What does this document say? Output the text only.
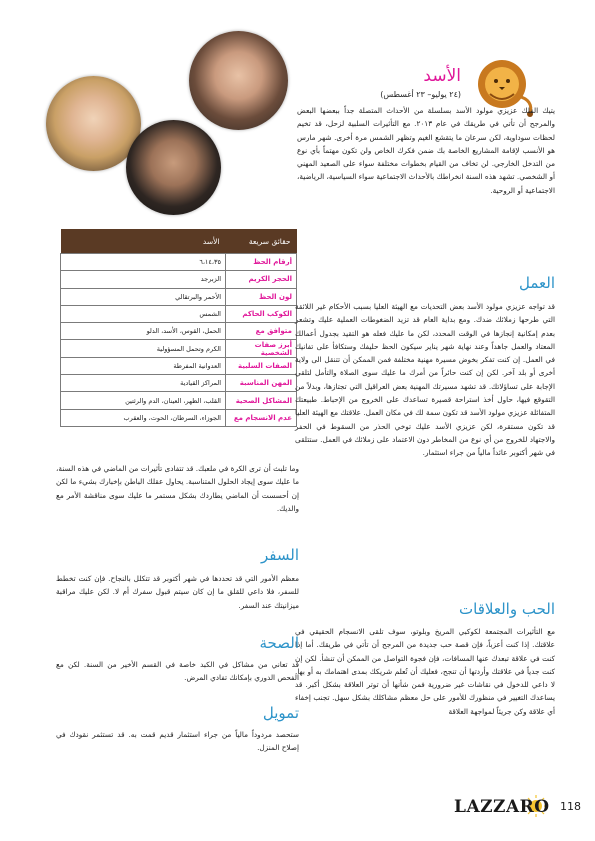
الأسد
(٢٤ يوليو– ٢٣ أغسطس)
يتيك الفلك عزيزي مولود الأسد بسلسلة من الأحداث المتصلة جداً ببعضها البعض والمرجح أن تأتي في طريقك في عام ٢٠١٣. مع التأثيرات السلبية لزحل، قد تخيم لحظات سوداوية، لكن سرعان ما يتقشع الغيم وتظهر الشمس مرة أخرى. شهر مارس هو الأنسب لإقامة المشاريع الخاصة بك ضمن فكرك الخاص ولن تكون مهتماً بأي نوع من التدخل الخارجي. لن تخاف من القيام بخطوات مختلفة سواء على الصعيد المهني أو الشخصي. تشهد هذه السنة انخراطك بالأحداث الاجتماعية سواء السياسية، الرياضية، الاجتماعية أو الروحية.
حقائق سريعة	الأسد
أرقام الحظ	٦،١٤،٣٥
الحجر الكريم	الزبرجد
لون الحظ	الأحمر والبرتقالي
الكوكب الحاكم	الشمس
متوافق مع	الحمل، القوس، الأسد، الدلو
أبرز صفات الشخصية	الكرم وتحمل المسؤولية
الصفات السلبية	العدوانية المفرطة
المهن المناسبة	المراكز القيادية
المشاكل الصحية	القلب، الظهر، العينان، الدم والرئتين
عدم الانسجام مع	الجوزاء، السرطان، الحوت، والعقرب
العمل
قد تواجه عزيزي مولود الأسد بعض التحديات مع الهيئة العليا بسبب الأحكام غير اللائقة التي طرحها زملائك ضدك. ومع بداية العام قد تزيد الضغوطات العملية عليك وتشعر بعدم إمكانية إنجازها في الوقت المحدد، لكن ما عليك فعله هو التقيد بجدول أعمالك المعتاد والعمل جاهداً وعند نهاية شهر يناير سيكون الحظ حليفك وستكافأ على تفانيك في العمل. إن كنت تفكر بخوض مسيرة مهنية مختلفة فمن الممكن أن تتنقل الى ولاية أخرى أو بلد آخر. لكن إن كنت حائراً من أمرك ما عليك سوى الصلاة والتأمل لتلقي الإجابة على تساؤلاتك. قد تشهد مسيرتك المهنية بعض العراقيل التي تجتازها، وبدلاً من التقوقع فيها، حاول أخذ استراحة قصيرة تساعدك على الخروج من الإحباط. طبيعتك المتفائلة عزيزي مولود الأسد قد تكون سمة لك في مكان العمل. علاقتك مع الهيئة العليا قد تكون مستقرة، لكن عزيزي الأسد عليك توخي الحذر من السقوط في الحفر والاجتهاد للخروج من أي نوع من المخاطر دون الاعتماد على زملائك في العمل. ستتلقى في شهر أكتوبر عائداً مالياً من جراء استثمار.
الحب والعلاقات
مع التأثيرات المجتمعة لكوكبي المريخ وبلوتو، سوف تلقى الانسجام الحقيقي في علاقتك. إذا كنت أعزباً، فإن قصة حب جديدة من المرجح أن تأتي في طريقك. أما إذا كنت في علاقة تبعدك عنها المسافات، فإن فجوة التواصل من الممكن أن تنشأ. لكن إن كنت جدياً في علاقتك وأردتها أن تنجح، فعليك أن تُعلم شريكك بمدى اهتمامك به أو بها. لا داعي للدخول في نقاشات غير ضرورية فمن شأنها أن توتر العلاقة بشكل أكبر. قد يساعدك التغيير في منظورك للأمور على حل معظم مشاكلك بشكل سهل. تجنب إخفاء أي علاقة وكن جريئاً لمواجهة العلاقة
وما تلبث أن ترى الكرة في ملعبك. قد تتفادى تأثيرات من الماضي في هذه السنة، ما عليك سوى إيجاد الحلول المتناسبة. يحاول عقلك الباطن بإخبارك بشيء ما لكن إن أحسست أن الماضي يطاردك بشكل مستمر ما عليك سوى مناقشة الأمر مع والديك.
السفر
معظم الأمور التي قد تحددها في شهر أكتوبر قد تتكلل بالنجاح. فإن كنت تخطط للسفر، فلا داعي للقلق ما إن كان سيتم قبول سفرك أم لا. لكن عليك مراقبة ميزانيتك عند السفر.
الصحة
قد تعاني من مشاكل في الكبد خاصة في القسم الأخير من السنة. لكن مع الفحص الدوري بإمكانك تفادي المرض.
تمويل
ستحصد مردوداً مالياً من جراء استثمار قديم قمت به. قد تستثمر نقودك في إصلاح المنزل.
LAZZARO 118
